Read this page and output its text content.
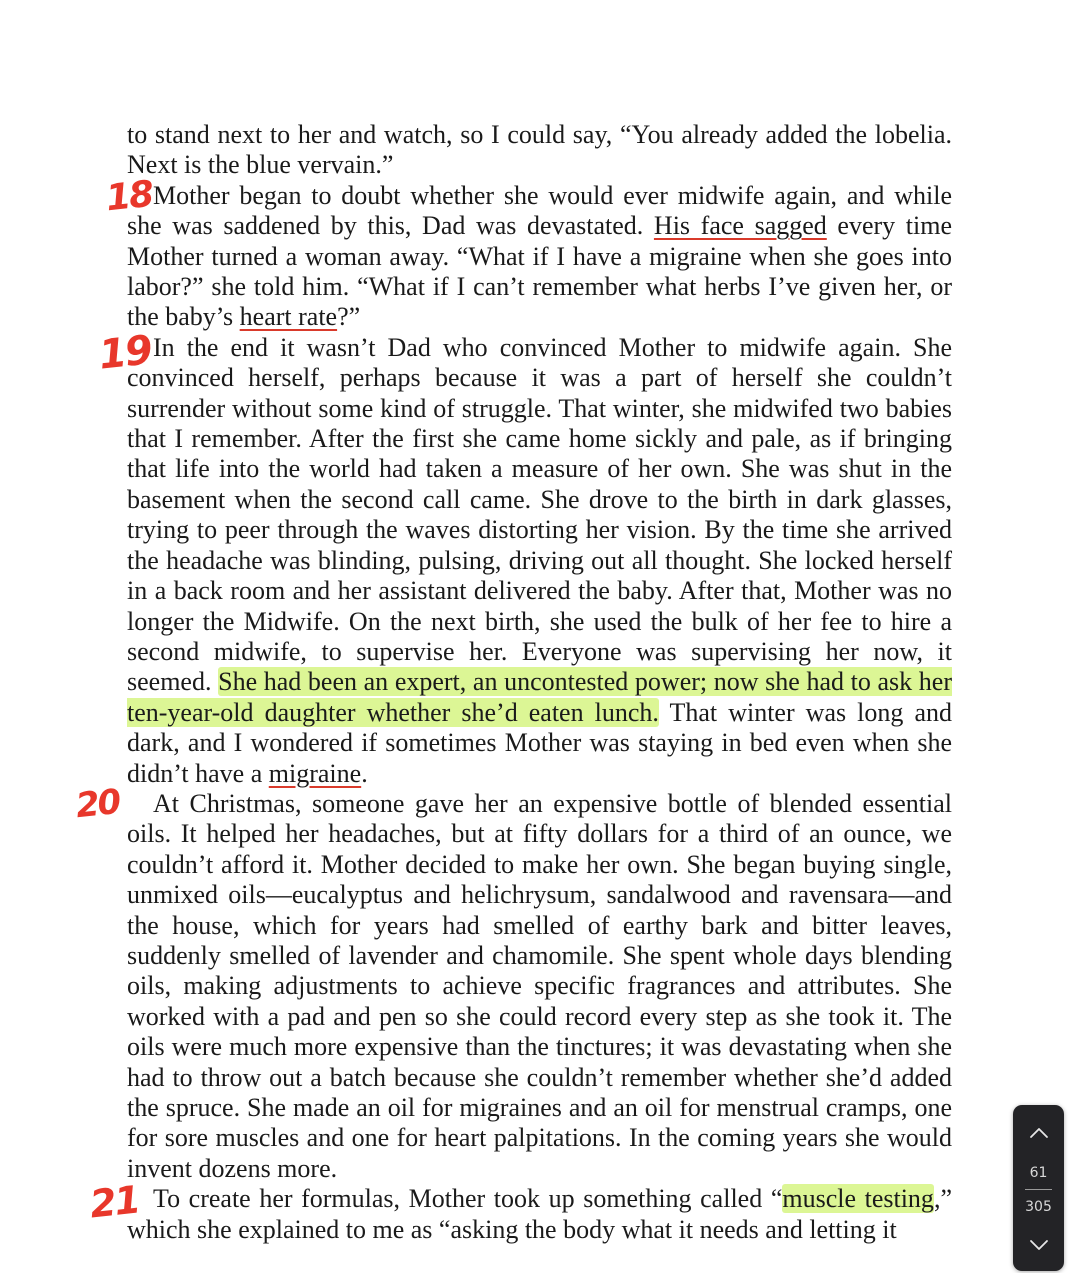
to stand next to her and watch, so I could say, “You already added the lobelia. Next is the blue vervain.”

Mother began to doubt whether she would ever midwife again, and while she was saddened by this, Dad was devastated. His face sagged every time Mother turned a woman away. “What if I have a migraine when she goes into labor?” she told him. “What if I can’t remember what herbs I’ve given her, or the baby’s heart rate?”

In the end it wasn’t Dad who convinced Mother to midwife again. She convinced herself, perhaps because it was a part of herself she couldn’t surrender without some kind of struggle. That winter, she midwifed two babies that I remember. After the first she came home sickly and pale, as if bringing that life into the world had taken a measure of her own. She was shut in the basement when the second call came. She drove to the birth in dark glasses, trying to peer through the waves distorting her vision. By the time she arrived the headache was blinding, pulsing, driving out all thought. She locked herself in a back room and her assistant delivered the baby. After that, Mother was no longer the Midwife. On the next birth, she used the bulk of her fee to hire a second midwife, to supervise her. Everyone was supervising her now, it seemed. She had been an expert, an uncontested power; now she had to ask her ten-year-old daughter whether she’d eaten lunch. That winter was long and dark, and I wondered if sometimes Mother was staying in bed even when she didn’t have a migraine.

At Christmas, someone gave her an expensive bottle of blended essential oils. It helped her headaches, but at fifty dollars for a third of an ounce, we couldn’t afford it. Mother decided to make her own. She began buying single, unmixed oils—eucalyptus and helichrysum, sandalwood and ravensara—and the house, which for years had smelled of earthy bark and bitter leaves, suddenly smelled of lavender and chamomile. She spent whole days blending oils, making adjustments to achieve specific fragrances and attributes. She worked with a pad and pen so she could record every step as she took it. The oils were much more expensive than the tinctures; it was devastating when she had to throw out a batch because she couldn’t remember whether she’d added the spruce. She made an oil for migraines and an oil for menstrual cramps, one for sore muscles and one for heart palpitations. In the coming years she would invent dozens more.

To create her formulas, Mother took up something called “muscle testing,” which she explained to me as “asking the body what it needs and letting it

18
19
20
21
61
305
